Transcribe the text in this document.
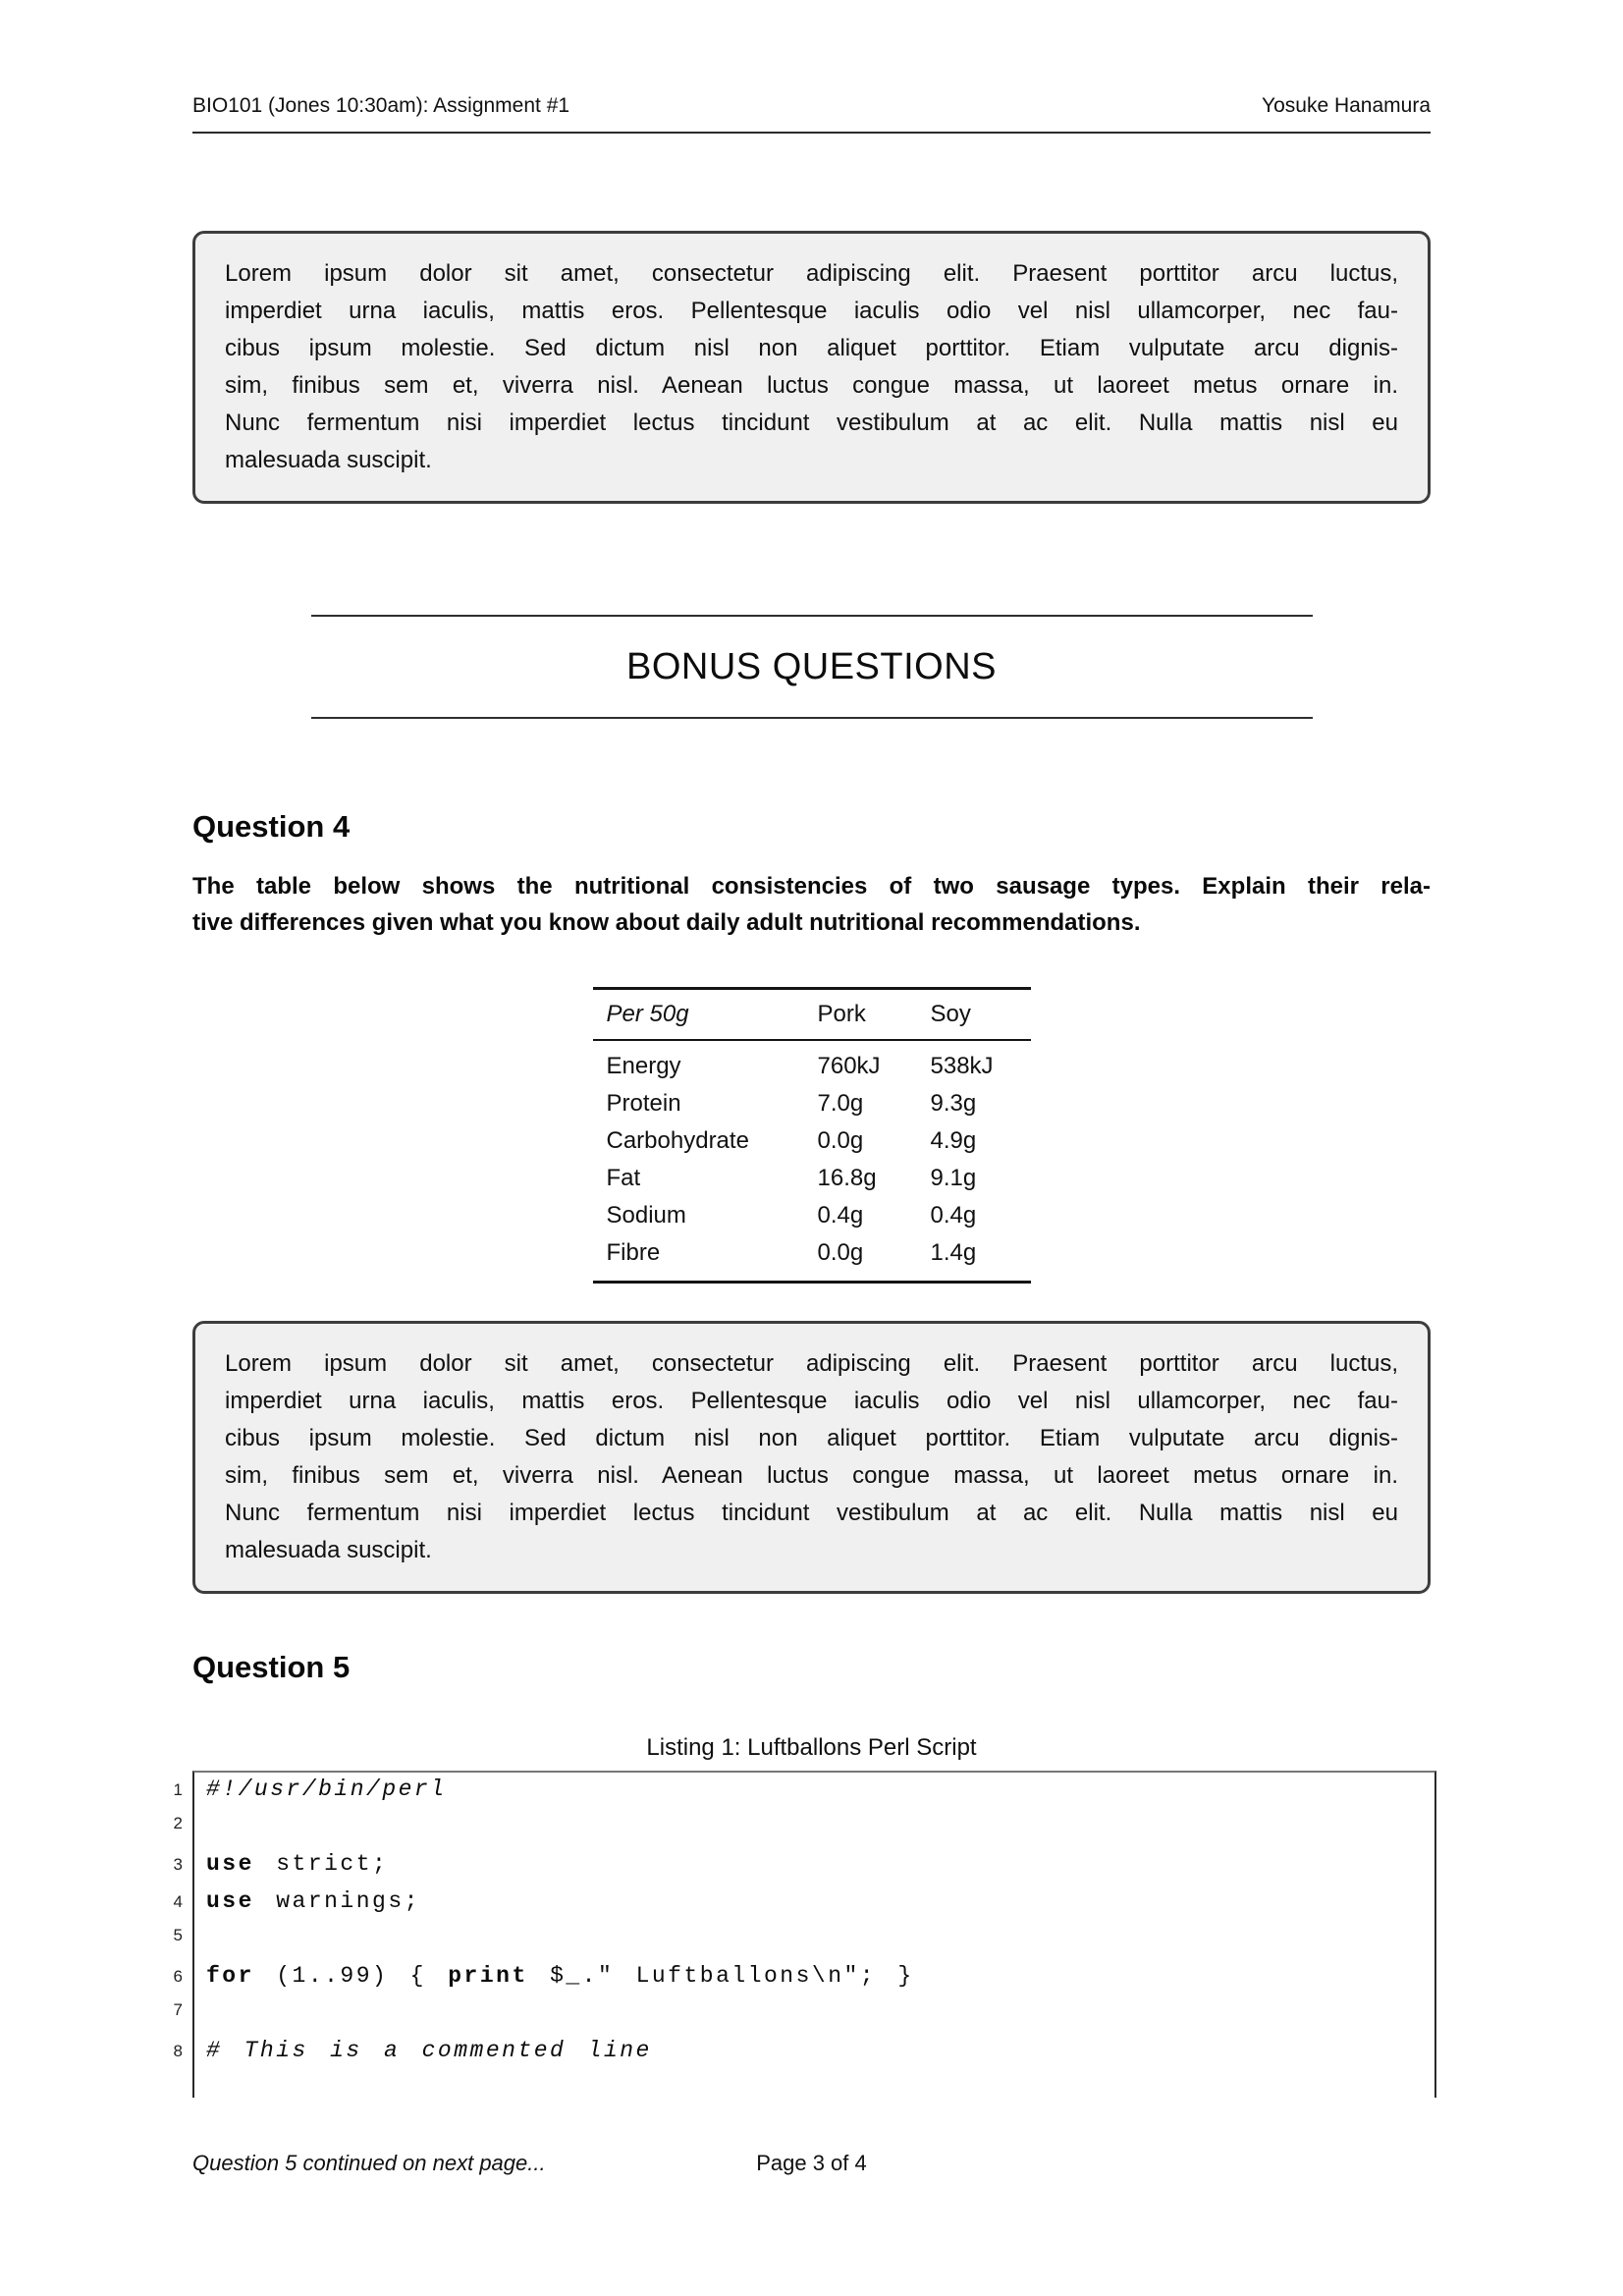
BIO101 (Jones 10:30am): Assignment #1	Yosuke Hanamura
Lorem ipsum dolor sit amet, consectetur adipiscing elit. Praesent porttitor arcu luctus,
imperdiet urna iaculis, mattis eros. Pellentesque iaculis odio vel nisl ullamcorper, nec fau-
cibus ipsum molestie. Sed dictum nisl non aliquet porttitor. Etiam vulputate arcu dignis-
sim, finibus sem et, viverra nisl. Aenean luctus congue massa, ut laoreet metus ornare in.
Nunc fermentum nisi imperdiet lectus tincidunt vestibulum at ac elit. Nulla mattis nisl eu
malesuada suscipit.
BONUS QUESTIONS
Question 4
The table below shows the nutritional consistencies of two sausage types. Explain their rela-
tive differences given what you know about daily adult nutritional recommendations.
Per 50g	Pork	Soy
Energy	760kJ	538kJ
Protein	7.0g	9.3g
Carbohydrate	0.0g	4.9g
Fat	16.8g	9.1g
Sodium	0.4g	0.4g
Fibre	0.0g	1.4g
Lorem ipsum dolor sit amet, consectetur adipiscing elit. Praesent porttitor arcu luctus,
imperdiet urna iaculis, mattis eros. Pellentesque iaculis odio vel nisl ullamcorper, nec fau-
cibus ipsum molestie. Sed dictum nisl non aliquet porttitor. Etiam vulputate arcu dignis-
sim, finibus sem et, viverra nisl. Aenean luctus congue massa, ut laoreet metus ornare in.
Nunc fermentum nisi imperdiet lectus tincidunt vestibulum at ac elit. Nulla mattis nisl eu
malesuada suscipit.
Question 5
Listing 1: Luftballons Perl Script
1 #!/usr/bin/perl
2
3 use strict;
4 use warnings;
5
6 for (1..99) { print $_." Luftballons\n"; }
7
8 # This is a commented line
Question 5 continued on next page...	Page 3 of 4
